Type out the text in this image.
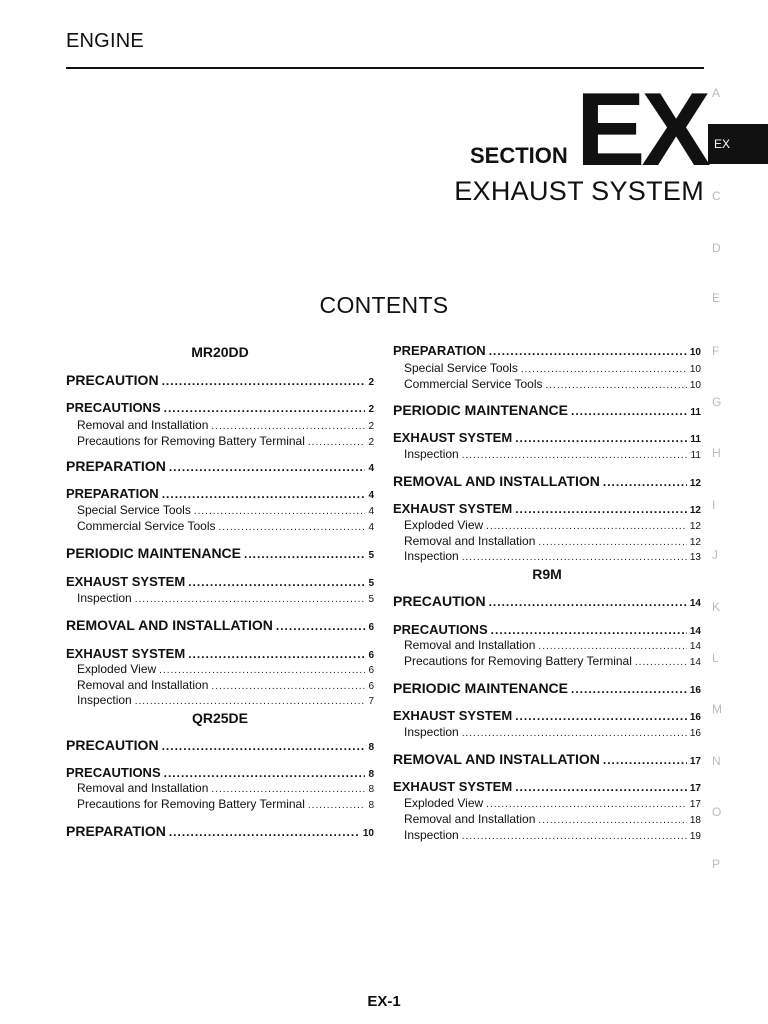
ENGINE
SECTION EX
EXHAUST SYSTEM
CONTENTS
A
EX
C
D
E
F
G
H
I
J
K
L
M
N
O
P
MR20DD
PRECAUTION .....	2
PRECAUTIONS .....	2
Removal and Installation .....	2
Precautions for Removing Battery Terminal .....	2
PREPARATION .....	4
PREPARATION .....	4
Special Service Tools .....	4
Commercial Service Tools .....	4
PERIODIC MAINTENANCE .....	5
EXHAUST SYSTEM .....	5
Inspection .....	5
REMOVAL AND INSTALLATION .....	6
EXHAUST SYSTEM .....	6
Exploded View .....	6
Removal and Installation .....	6
Inspection .....	7
QR25DE
PRECAUTION .....	8
PRECAUTIONS .....	8
Removal and Installation .....	8
Precautions for Removing Battery Terminal .....	8
PREPARATION .....	10
PREPARATION .....	10
Special Service Tools .....	10
Commercial Service Tools .....	10
PERIODIC MAINTENANCE .....	11
EXHAUST SYSTEM .....	11
Inspection .....	11
REMOVAL AND INSTALLATION .....	12
EXHAUST SYSTEM .....	12
Exploded View .....	12
Removal and Installation .....	12
Inspection .....	13
R9M
PRECAUTION .....	14
PRECAUTIONS .....	14
Removal and Installation .....	14
Precautions for Removing Battery Terminal .....	14
PERIODIC MAINTENANCE .....	16
EXHAUST SYSTEM .....	16
Inspection .....	16
REMOVAL AND INSTALLATION .....	17
EXHAUST SYSTEM .....	17
Exploded View .....	17
Removal and Installation .....	18
Inspection .....	19
EX-1
